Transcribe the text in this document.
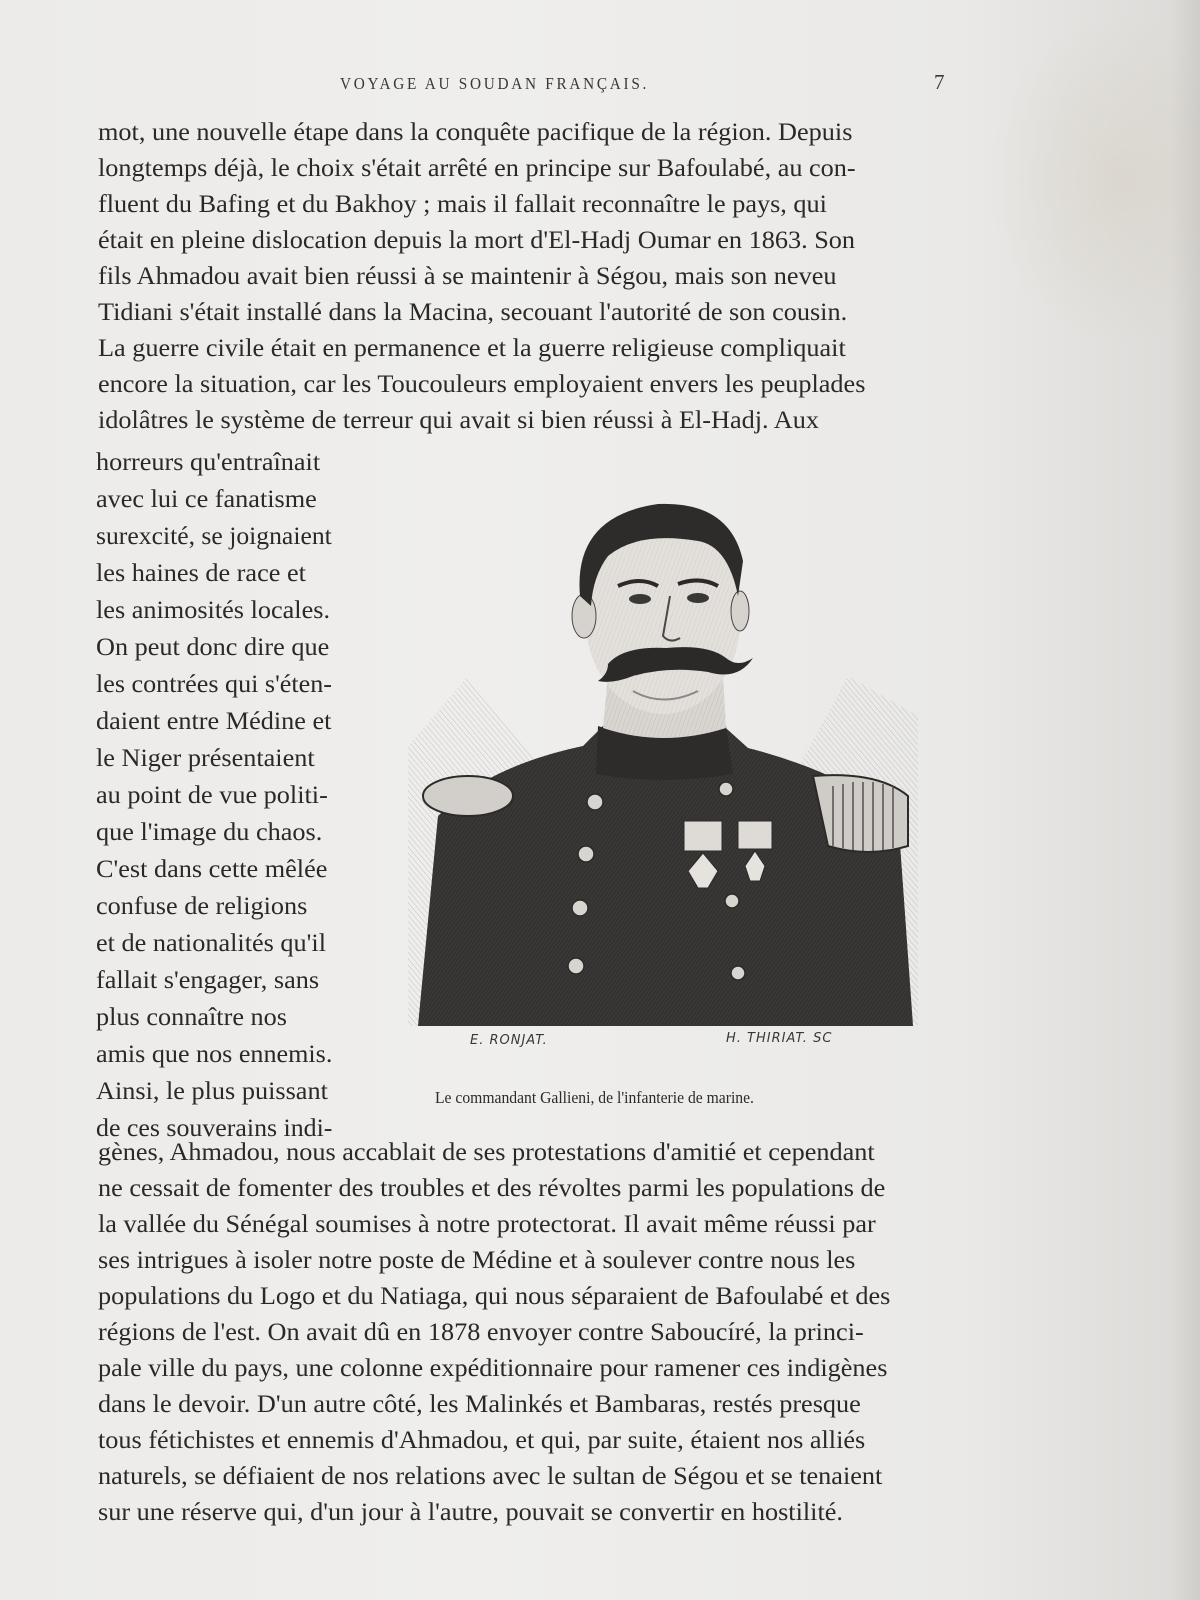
VOYAGE AU SOUDAN FRANÇAIS.	7
mot, une nouvelle étape dans la conquête pacifique de la région. Depuis
longtemps déjà, le choix s'était arrêté en principe sur Bafoulabé, au con-
fluent du Bafing et du Bakhoy ; mais il fallait reconnaître le pays, qui
était en pleine dislocation depuis la mort d'El-Hadj Oumar en 1863. Son
fils Ahmadou avait bien réussi à se maintenir à Ségou, mais son neveu
Tidiani s'était installé dans la Macina, secouant l'autorité de son cousin.
La guerre civile était en permanence et la guerre religieuse compliquait
encore la situation, car les Toucouleurs employaient envers les peuplades
idolâtres le système de terreur qui avait si bien réussi à El-Hadj. Aux
horreurs qu'entraînait
avec lui ce fanatisme
surexcité, se joignaient
les haines de race et
les animosités locales.
On peut donc dire que
les contrées qui s'éten-
daient entre Médine et
le Niger présentaient
au point de vue politi-
que l'image du chaos.
C'est dans cette mêlée
confuse de religions
et de nationalités qu'il
fallait s'engager, sans
plus connaître nos
amis que nos ennemis.
Ainsi, le plus puissant
de ces souverains indi-
E. RONJAT.	H. THIRIAT. SC
Le commandant Gallieni, de l'infanterie de marine.
gènes, Ahmadou, nous accablait de ses protestations d'amitié et cependant
ne cessait de fomenter des troubles et des révoltes parmi les populations de
la vallée du Sénégal soumises à notre protectorat. Il avait même réussi par
ses intrigues à isoler notre poste de Médine et à soulever contre nous les
populations du Logo et du Natiaga, qui nous séparaient de Bafoulabé et des
régions de l'est. On avait dû en 1878 envoyer contre Saboucíré, la princi-
pale ville du pays, une colonne expéditionnaire pour ramener ces indigènes
dans le devoir. D'un autre côté, les Malinkés et Bambaras, restés presque
tous fétichistes et ennemis d'Ahmadou, et qui, par suite, étaient nos alliés
naturels, se défiaient de nos relations avec le sultan de Ségou et se tenaient
sur une réserve qui, d'un jour à l'autre, pouvait se convertir en hostilité.
